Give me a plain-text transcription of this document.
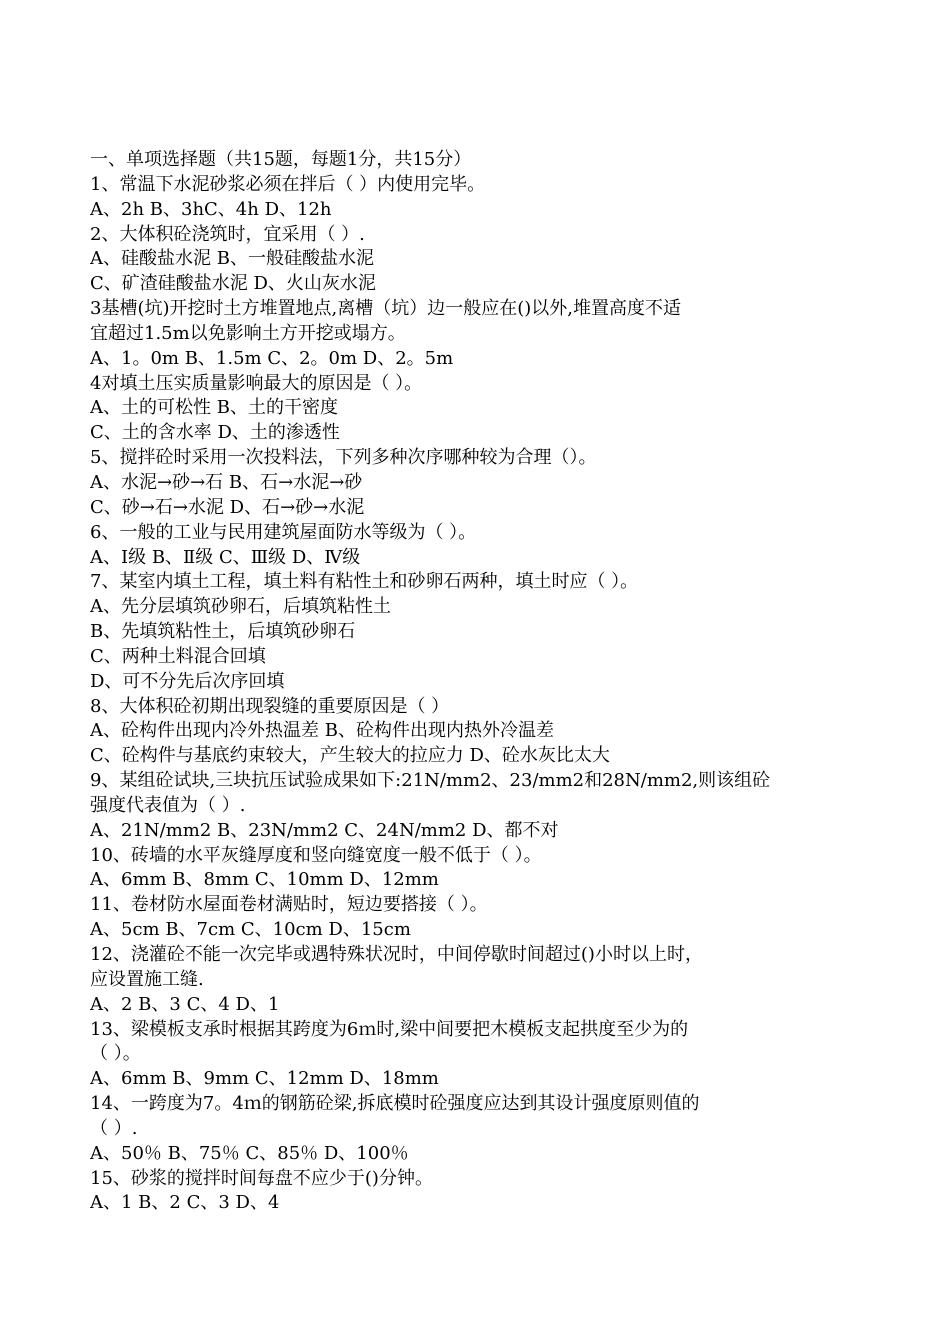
一、单项选择题（共15题，每题1分，共15分）
1、常温下水泥砂浆必须在拌后（ ）内使用完毕。
A、2h B、3hC、4h D、12h
2、大体积砼浇筑时，宜采用（ ）.
A、硅酸盐水泥 B、一般硅酸盐水泥
C、矿渣硅酸盐水泥 D、火山灰水泥
3基槽(坑)开挖时土方堆置地点,离槽（坑）边一般应在()以外,堆置高度不适
宜超过1.5m以免影响土方开挖或塌方。
A、1。0m B、1.5m C、2。0m D、2。5m
4对填土压实质量影响最大的原因是（ ）。
A、土的可松性 B、土的干密度
C、土的含水率 D、土的渗透性
5、搅拌砼时采用一次投料法，下列多种次序哪种较为合理（）。
A、水泥→砂→石 B、石→水泥→砂
C、砂→石→水泥 D、石→砂→水泥
6、一般的工业与民用建筑屋面防水等级为（ ）。
A、Ⅰ级 B、Ⅱ级 C、Ⅲ级 D、Ⅳ级
7、某室内填土工程，填土料有粘性土和砂卵石两种，填土时应（ ）。
A、先分层填筑砂卵石，后填筑粘性土
B、先填筑粘性土，后填筑砂卵石
C、两种土料混合回填
D、可不分先后次序回填
8、大体积砼初期出现裂缝的重要原因是（ ）
A、砼构件出现内冷外热温差 B、砼构件出现内热外冷温差
C、砼构件与基底约束较大，产生较大的拉应力 D、砼水灰比太大
9、某组砼试块,三块抗压试验成果如下:21N/mm2、23/mm2和28N/mm2,则该组砼
强度代表值为（ ）.
A、21N/mm2 B、23N/mm2 C、24N/mm2 D、都不对
10、砖墙的水平灰缝厚度和竖向缝宽度一般不低于（ ）。
A、6mm B、8mm C、10mm D、12mm
11、卷材防水屋面卷材满贴时，短边要搭接（ ）。
A、5cm B、7cm C、10cm D、15cm
12、浇灌砼不能一次完毕或遇特殊状况时，中间停歇时间超过()小时以上时，
应设置施工缝.
A、2 B、3 C、4 D、1
13、梁模板支承时根据其跨度为6ｍ时,梁中间要把木模板支起拱度至少为的
（ ）。
A、6mm B、9mm C、12mm D、18mm
14、一跨度为7。4ｍ的钢筋砼梁,拆底模时砼强度应达到其设计强度原则值的
（ ）.
A、50％ B、75％ C、85％ D、100％
15、砂浆的搅拌时间每盘不应少于()分钟。
A、1 B、2 C、3 D、4
